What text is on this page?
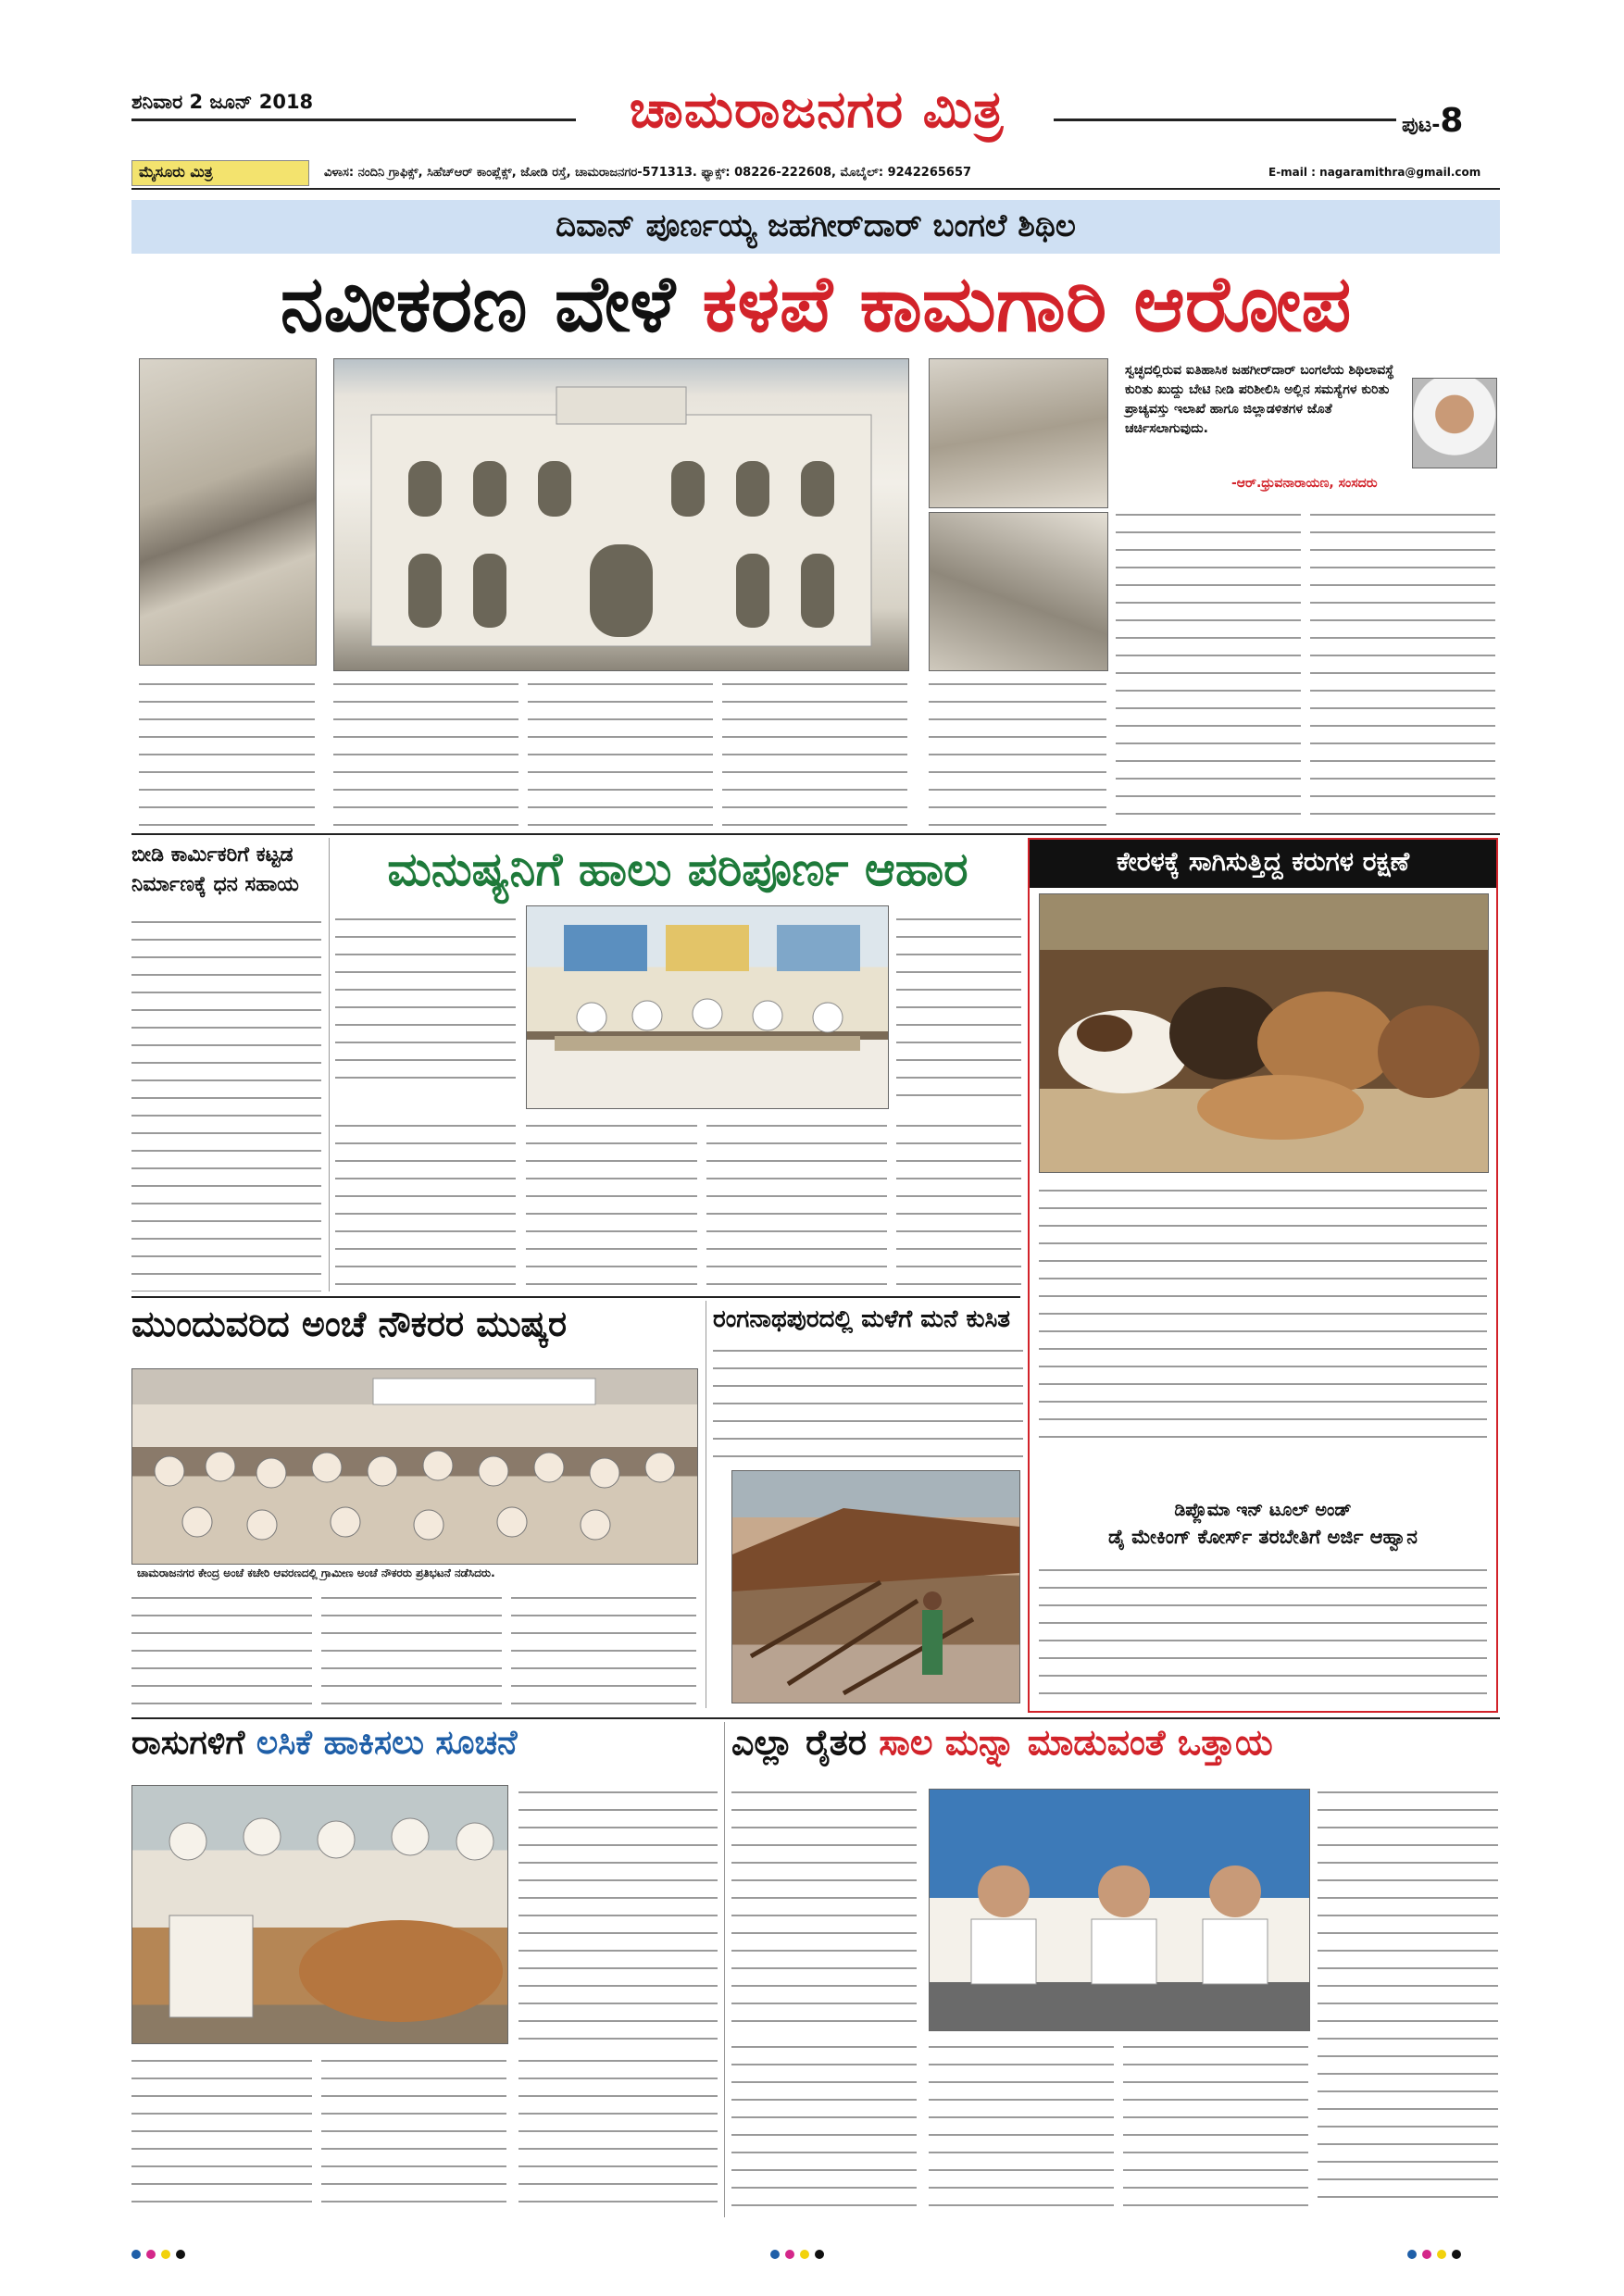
ಶನಿವಾರ 2 ಜೂನ್ 2018	ಚಾಮರಾಜನಗರ ಮಿತ್ರ	ಪುಟ-8
ಮೈಸೂರು ಮಿತ್ರ	ವಿಳಾಸ: ನಂದಿನಿ ಗ್ರಾಫಿಕ್ಸ್, ಸಿಹೆಚ್‌ಆರ್ ಕಾಂಪ್ಲೆಕ್ಸ್, ಜೋಡಿ ರಸ್ತೆ, ಚಾಮರಾಜನಗರ-571313. ಫ್ಯಾಕ್ಸ್: 08226-222608, ಮೊಬೈಲ್: 9242265657	E-mail : nagaramithra@gmail.com
ದಿವಾನ್ ಪೂರ್ಣಯ್ಯ ಜಹಗೀರ್‌ದಾರ್ ಬಂಗಲೆ ಶಿಥಿಲ
ನವೀಕರಣ ವೇಳೆ ಕಳಪೆ ಕಾಮಗಾರಿ ಆರೋಪ
ಸ್ವಚ್ಛದಲ್ಲಿರುವ ಐತಿಹಾಸಿಕ ಜಹಗೀರ್‌ದಾರ್ ಬಂಗಲೆಯ ಶಿಥಿಲಾವಸ್ಥೆ ಕುರಿತು ಖುದ್ದು ಬೇಟಿ ನೀಡಿ ಪರಿಶೀಲಿಸಿ ಅಲ್ಲಿನ ಸಮಸ್ಯೆಗಳ ಕುರಿತು ಪ್ರಾಚ್ಯವಸ್ತು ಇಲಾಖೆ ಹಾಗೂ ಜಿಲ್ಲಾಡಳಿತಗಳ ಜೊತೆ ಚರ್ಚಿಸಲಾಗುವುದು.
-ಆರ್.ಧ್ರುವನಾರಾಯಣ, ಸಂಸದರು
ಬೀಡಿ ಕಾರ್ಮಿಕರಿಗೆ ಕಟ್ಟಡ ನಿರ್ಮಾಣಕ್ಕೆ ಧನ ಸಹಾಯ	ಮನುಷ್ಯನಿಗೆ ಹಾಲು ಪರಿಪೂರ್ಣ ಆಹಾರ	ಕೇರಳಕ್ಕೆ ಸಾಗಿಸುತ್ತಿದ್ದ ಕರುಗಳ ರಕ್ಷಣೆ
ಮುಂದುವರಿದ ಅಂಚೆ ನೌಕರರ ಮುಷ್ಕರ
ಚಾಮರಾಜನಗರ ಕೇಂದ್ರ ಅಂಚೆ ಕಚೇರಿ ಆವರಣದಲ್ಲಿ ಗ್ರಾಮೀಣ ಅಂಚೆ ನೌಕರರು ಪ್ರತಿಭಟನೆ ನಡೆಸಿದರು.
ರಂಗನಾಥಪುರದಲ್ಲಿ ಮಳೆಗೆ ಮನೆ ಕುಸಿತ
ಡಿಪ್ಲೊಮಾ ಇನ್ ಟೂಲ್ ಅಂಡ್
ಡೈ ಮೇಕಿಂಗ್ ಕೋರ್ಸ್ ತರಬೇತಿಗೆ ಅರ್ಜಿ ಆಹ್ವಾನ
ರಾಸುಗಳಿಗೆ ಲಸಿಕೆ ಹಾಕಿಸಲು ಸೂಚನೆ	ಎಲ್ಲಾ ರೈತರ ಸಾಲ ಮನ್ನಾ ಮಾಡುವಂತೆ ಒತ್ತಾಯ
